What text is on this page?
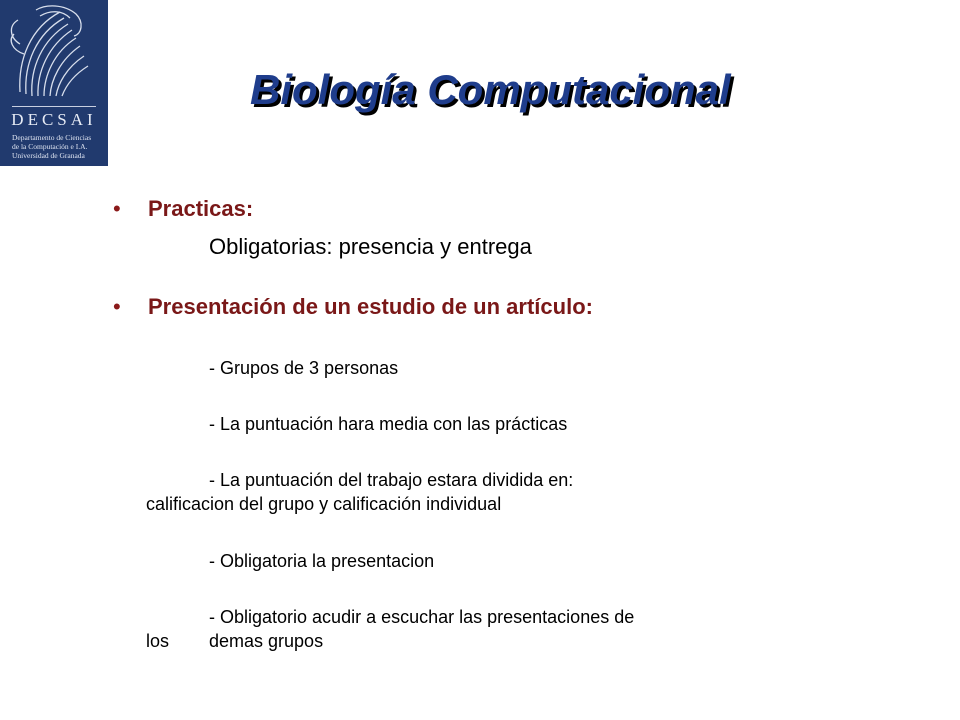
DECSAI
Departamento de Ciencias
de la Computación e I.A.
Universidad de Granada
Biología Computacional
• Practicas:
Obligatorias: presencia y entrega
• Presentación de un estudio de un artículo:
- Grupos de 3 personas
- La puntuación hara media con las prácticas
- La puntuación del trabajo estara dividida en:
calificacion del grupo y calificación individual
- Obligatoria la presentacion
- Obligatorio acudir a escuchar las presentaciones de
los demas grupos
